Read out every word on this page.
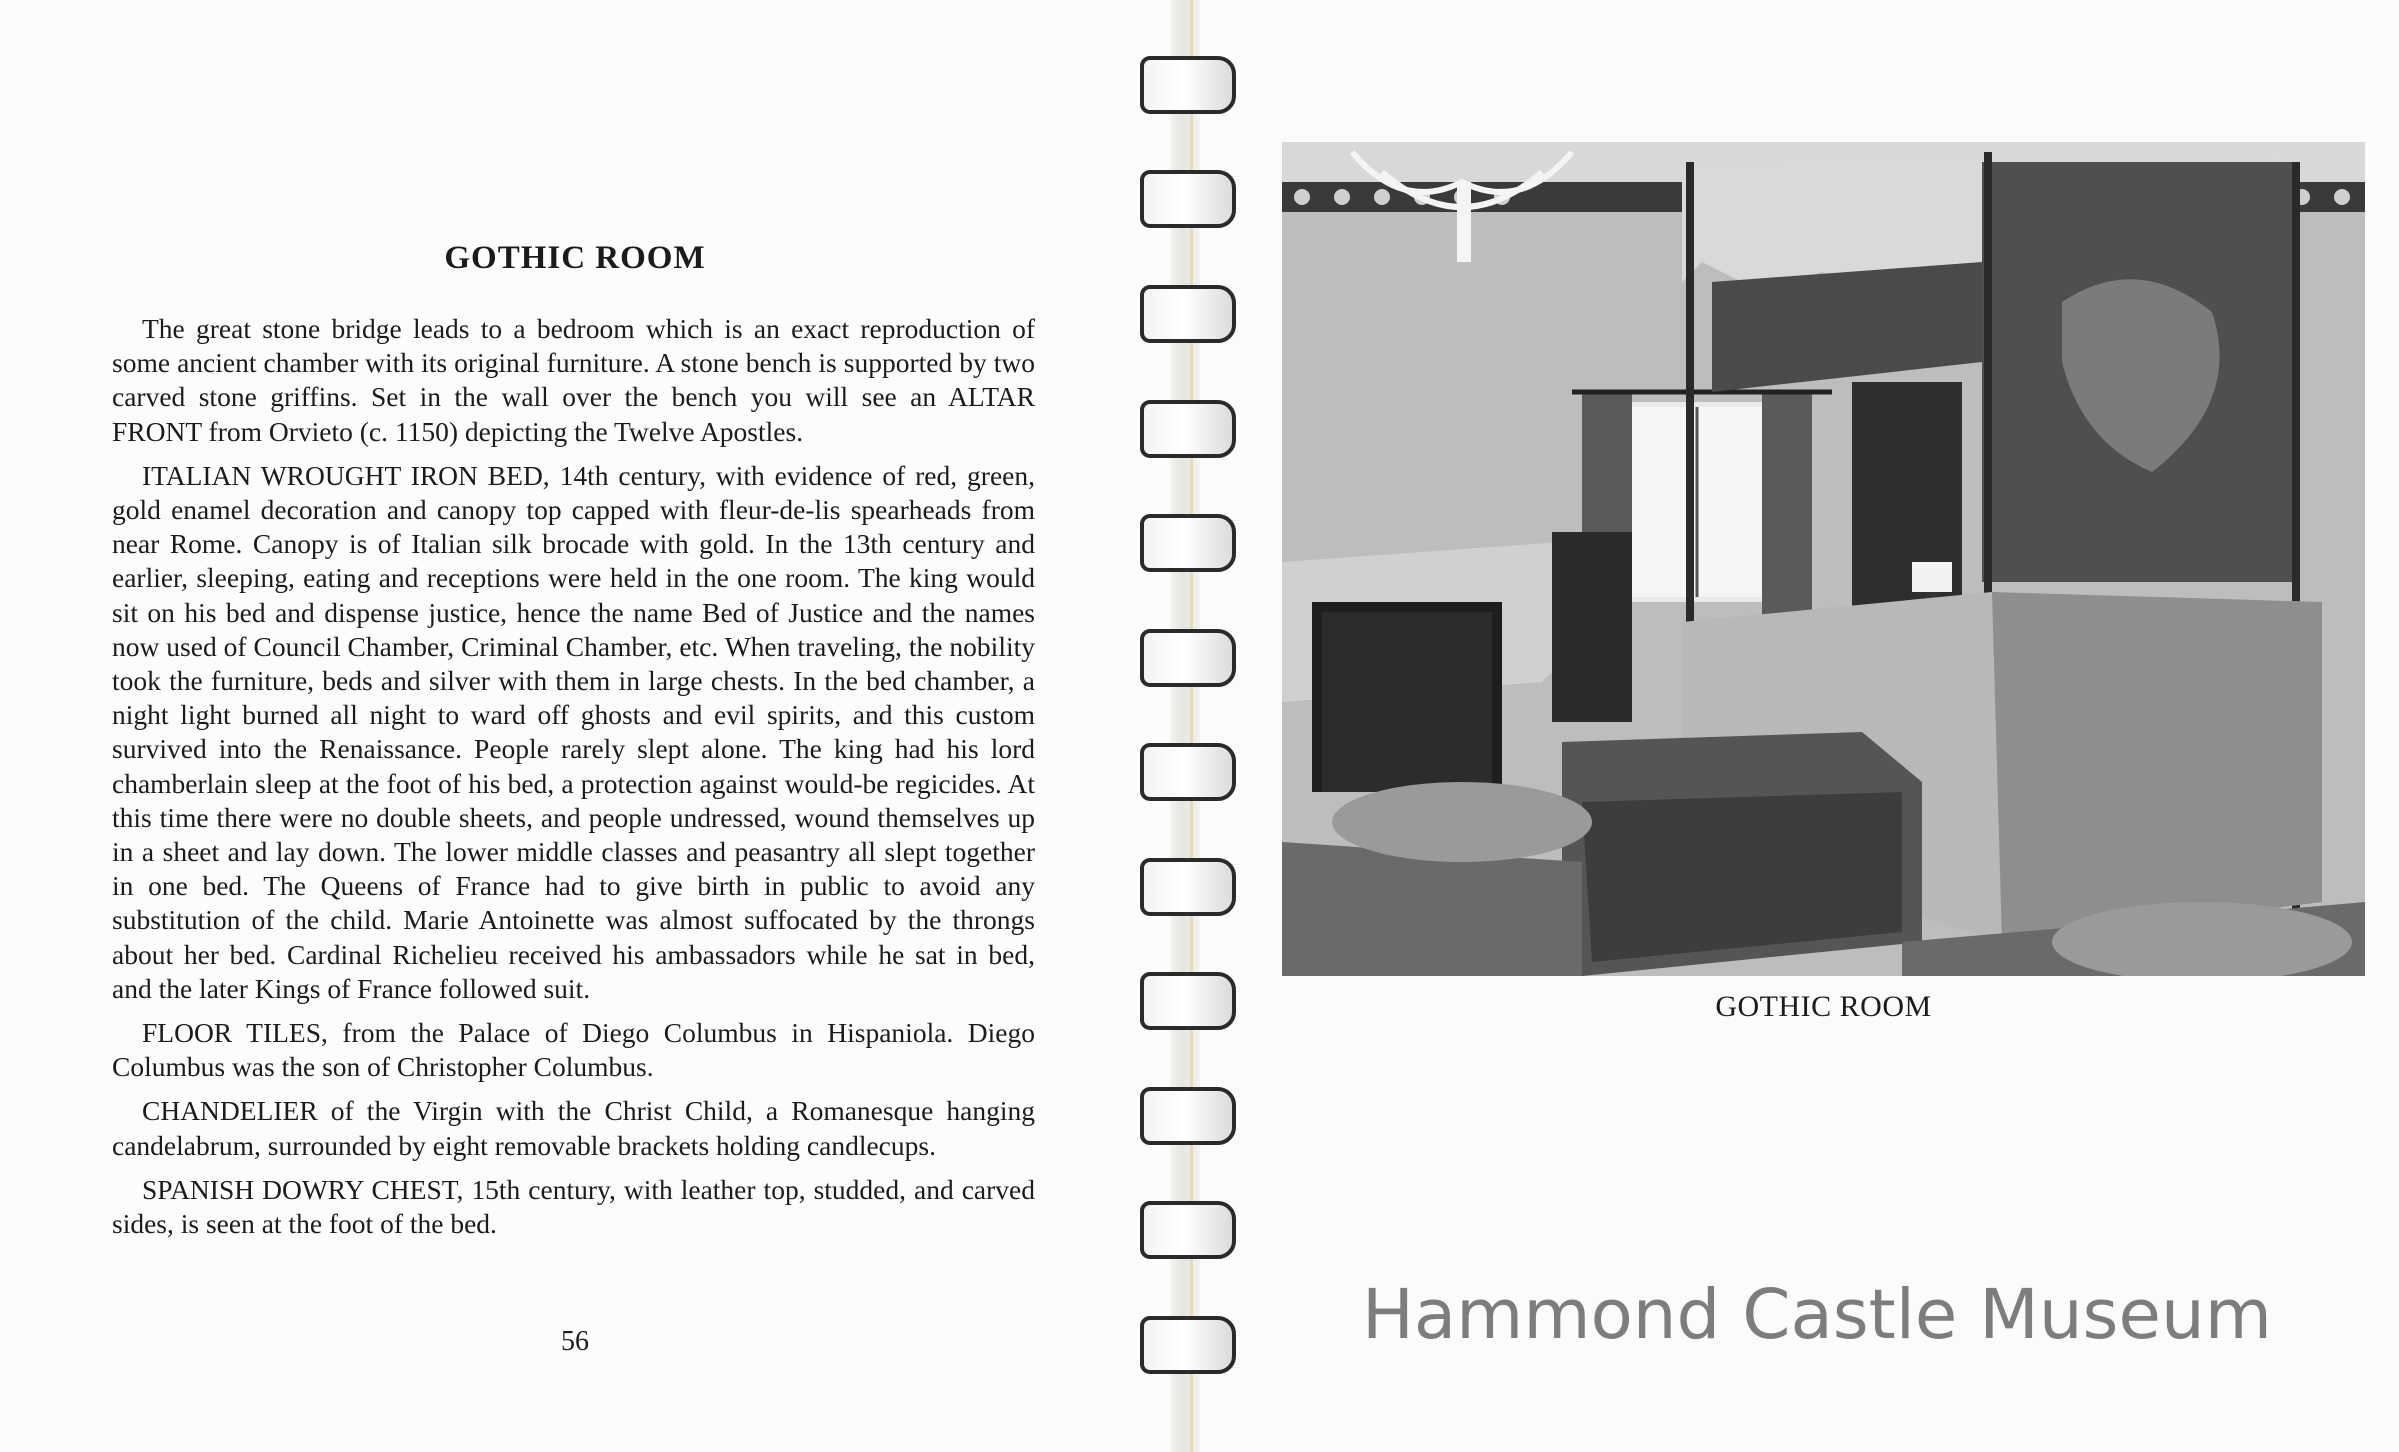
GOTHIC ROOM

The great stone bridge leads to a bedroom which is an exact reproduction of some ancient chamber with its original furniture. A stone bench is supported by two carved stone griffins. Set in the wall over the bench you will see an ALTAR FRONT from Orvieto (c. 1150) depicting the Twelve Apostles.

ITALIAN WROUGHT IRON BED, 14th century, with evidence of red, green, gold enamel decoration and canopy top capped with fleur-de-lis spearheads from near Rome. Canopy is of Italian silk brocade with gold. In the 13th century and earlier, sleeping, eating and receptions were held in the one room. The king would sit on his bed and dispense justice, hence the name Bed of Justice and the names now used of Council Chamber, Criminal Chamber, etc. When traveling, the nobility took the furniture, beds and silver with them in large chests. In the bed chamber, a night light burned all night to ward off ghosts and evil spirits, and this custom survived into the Renaissance. People rarely slept alone. The king had his lord chamberlain sleep at the foot of his bed, a protection against would-be regicides. At this time there were no double sheets, and people undressed, wound themselves up in a sheet and lay down. The lower middle classes and peasantry all slept together in one bed. The Queens of France had to give birth in public to avoid any substitution of the child. Marie Antoinette was almost suffocated by the throngs about her bed. Cardinal Richelieu received his ambassadors while he sat in bed, and the later Kings of France followed suit.

FLOOR TILES, from the Palace of Diego Columbus in Hispaniola. Diego Columbus was the son of Christopher Columbus.

CHANDELIER of the Virgin with the Christ Child, a Romanesque hanging candelabrum, surrounded by eight removable brackets holding candlecups.

SPANISH DOWRY CHEST, 15th century, with leather top, studded, and carved sides, is seen at the foot of the bed.

56
GOTHIC ROOM
Hammond Castle Museum
